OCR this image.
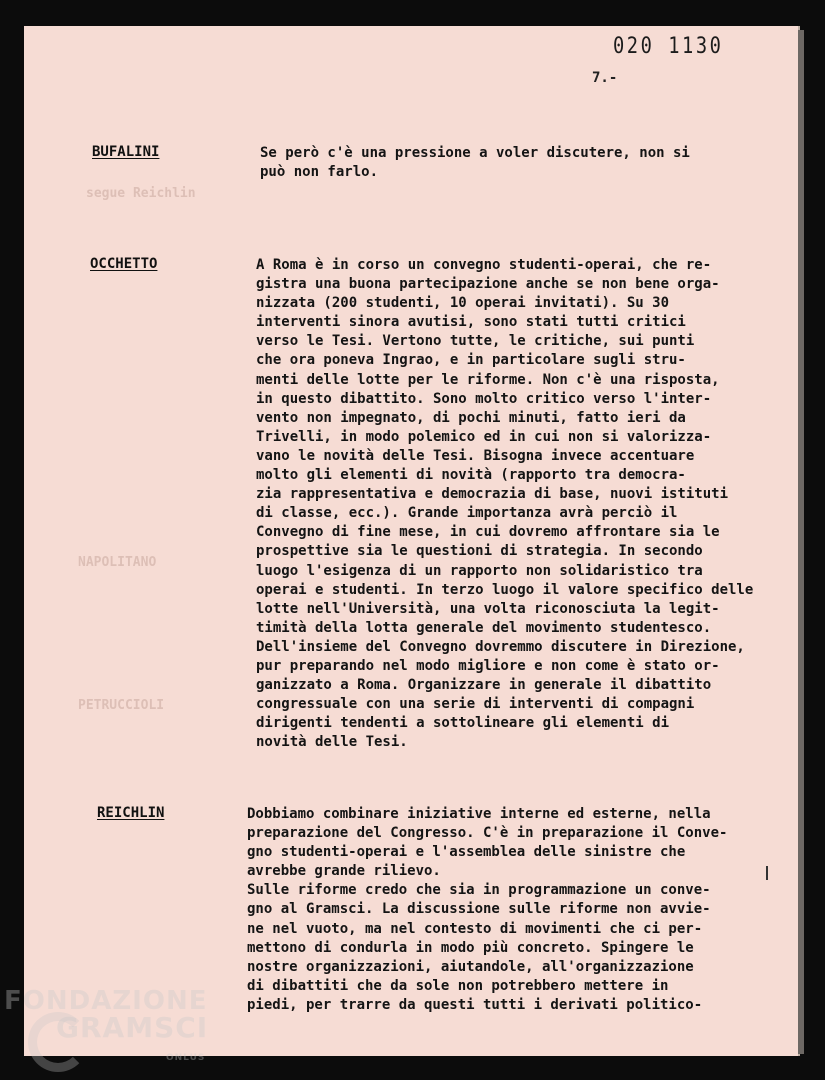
segue Reichlin
NAPOLITANO
PETRUCCIOLI
020 1130
7.-
BUFALINI	Se però c'è una pressione a voler discutere, non si
può non farlo.
OCCHETTO	A Roma è in corso un convegno studenti-operai, che re-
gistra una buona partecipazione anche se non bene orga-
nizzata (200 studenti, 10 operai invitati). Su 30
interventi sinora avutisi, sono stati tutti critici
verso le Tesi. Vertono tutte, le critiche, sui punti
che ora poneva Ingrao, e in particolare sugli stru-
menti delle lotte per le riforme. Non c'è una risposta,
in questo dibattito. Sono molto critico verso l'inter-
vento non impegnato, di pochi minuti, fatto ieri da
Trivelli, in modo polemico ed in cui non si valorizza-
vano le novità delle Tesi. Bisogna invece accentuare
molto gli elementi di novità (rapporto tra democra-
zia rappresentativa e democrazia di base, nuovi istituti
di classe, ecc.). Grande importanza avrà perciò il
Convegno di fine mese, in cui dovremo affrontare sia le
prospettive sia le questioni di strategia. In secondo
luogo l'esigenza di un rapporto non solidaristico tra
operai e studenti. In terzo luogo il valore specifico delle
lotte nell'Università, una volta riconosciuta la legit-
timità della lotta generale del movimento studentesco.
Dell'insieme del Convegno dovremmo discutere in Direzione,
pur preparando nel modo migliore e non come è stato or-
ganizzato a Roma. Organizzare in generale il dibattito
congressuale con una serie di interventi di compagni
dirigenti tendenti a sottolineare gli elementi di
novità delle Tesi.
REICHLIN	Dobbiamo combinare iniziative interne ed esterne, nella
preparazione del Congresso. C'è in preparazione il Conve-
gno studenti-operai e l'assemblea delle sinistre che
avrebbe grande rilievo.
Sulle riforme credo che sia in programmazione un conve-
gno al Gramsci. La discussione sulle riforme non avvie-
ne nel vuoto, ma nel contesto di movimenti che ci per-
mettono di condurla in modo più concreto. Spingere le
nostre organizzazioni, aiutandole, all'organizzazione
di dibattiti che da sole non potrebbero mettere in
piedi, per trarre da questi tutti i derivati politico-
FONDAZIONE
GRAMSCI
ONLUS
